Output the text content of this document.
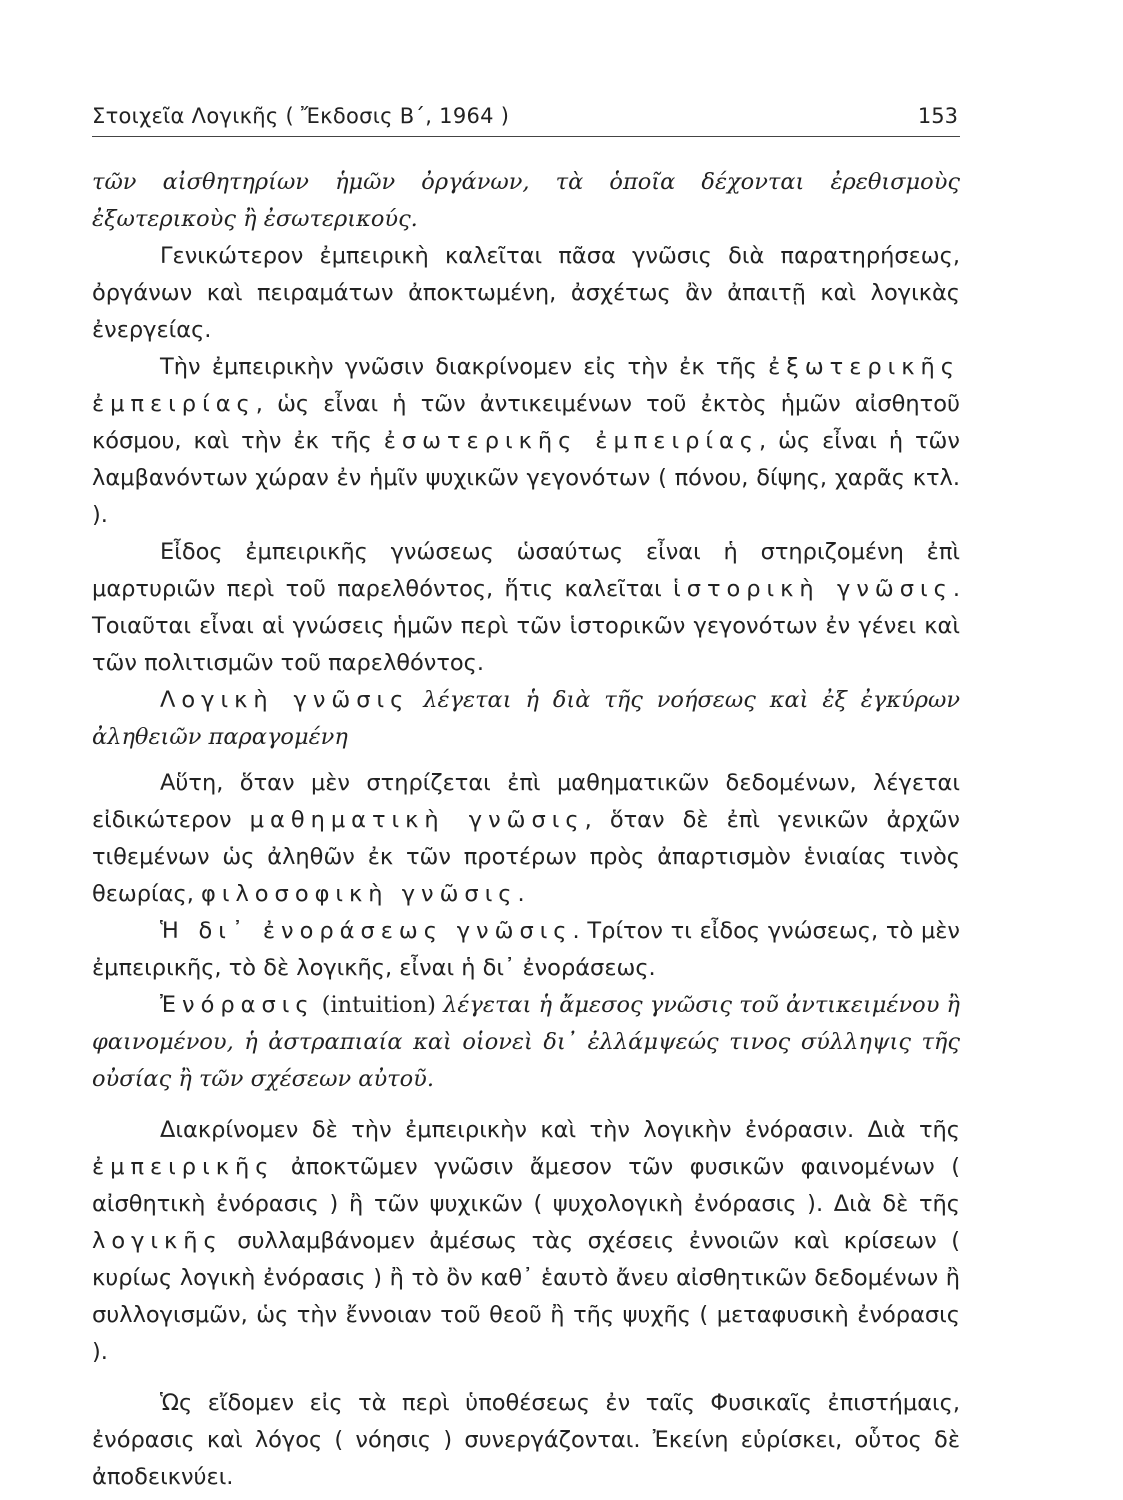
Στοιχεῖα Λογικῆς ( Ἔκδοσις Β΄, 1964 )	153

τῶν αἰσθητηρίων ἡμῶν ὀργάνων, τὰ ὁποῖα δέχονται ἐρεθισμοὺς ἐξωτερικοὺς ἢ ἐσωτερικούς.

Γενικώτερον ἐμπειρικὴ καλεῖται πᾶσα γνῶσις διὰ παρατηρήσεως, ὀργάνων καὶ πειραμάτων ἀποκτωμένη, ἀσχέτως ἂν ἀπαιτῇ καὶ λογικὰς ἐνεργείας.

Τὴν ἐμπειρικὴν γνῶσιν διακρίνομεν εἰς τὴν ἐκ τῆς ἐξωτερικῆς ἐμπειρίας, ὡς εἶναι ἡ τῶν ἀντικειμένων τοῦ ἐκτὸς ἡμῶν αἰσθητοῦ κόσμου, καὶ τὴν ἐκ τῆς ἐσωτερικῆς ἐμπειρίας, ὡς εἶναι ἡ τῶν λαμβανόντων χώραν ἐν ἡμῖν ψυχικῶν γεγονότων ( πόνου, δίψης, χαρᾶς κτλ. ).

Εἶδος ἐμπειρικῆς γνώσεως ὡσαύτως εἶναι ἡ στηριζομένη ἐπὶ μαρτυριῶν περὶ τοῦ παρελθόντος, ἥτις καλεῖται ἱστορικὴ γνῶσις. Τοιαῦται εἶναι αἱ γνώσεις ἡμῶν περὶ τῶν ἱστορικῶν γεγονότων ἐν γένει καὶ τῶν πολιτισμῶν τοῦ παρελθόντος.

Λογικὴ γνῶσις λέγεται ἡ διὰ τῆς νοήσεως καὶ ἐξ ἐγκύρων ἀληθειῶν παραγομένη

Αὕτη, ὅταν μὲν στηρίζεται ἐπὶ μαθηματικῶν δεδομένων, λέγεται εἰδικώτερον μαθηματικὴ γνῶσις, ὅταν δὲ ἐπὶ γενικῶν ἀρχῶν τιθεμένων ὡς ἀληθῶν ἐκ τῶν προτέρων πρὸς ἀπαρτισμὸν ἑνιαίας τινὸς θεωρίας, φιλοσοφικὴ γνῶσις.

Ἡ δι᾿ ἐνοράσεως γνῶσις. Τρίτον τι εἶδος γνώσεως, τὸ μὲν ἐμπειρικῆς, τὸ δὲ λογικῆς, εἶναι ἡ δι᾿ ἐνοράσεως.

Ἐνόρασις (intuition) λέγεται ἡ ἄμεσος γνῶσις τοῦ ἀντικειμένου ἢ φαινομένου, ἡ ἀστραπιαία καὶ οἱονεὶ δι᾿ ἐλλάμψεώς τινος σύλληψις τῆς οὐσίας ἢ τῶν σχέσεων αὐτοῦ.

Διακρίνομεν δὲ τὴν ἐμπειρικὴν καὶ τὴν λογικὴν ἐνόρασιν. Διὰ τῆς ἐμπειρικῆς ἀποκτῶμεν γνῶσιν ἄμεσον τῶν φυσικῶν φαινομένων ( αἰσθητικὴ ἐνόρασις ) ἢ τῶν ψυχικῶν ( ψυχολογικὴ ἐνόρασις ). Διὰ δὲ τῆς λογικῆς συλλαμβάνομεν ἀμέσως τὰς σχέσεις ἐννοιῶν καὶ κρίσεων ( κυρίως λογικὴ ἐνόρασις ) ἢ τὸ ὂν καθ᾿ ἑαυτὸ ἄνευ αἰσθητικῶν δεδομένων ἢ συλλογισμῶν, ὡς τὴν ἔννοιαν τοῦ θεοῦ ἢ τῆς ψυχῆς ( μεταφυσικὴ ἐνόρασις ).

Ὡς εἴδομεν εἰς τὰ περὶ ὑποθέσεως ἐν ταῖς Φυσικαῖς ἐπιστήμαις, ἐνόρασις καὶ λόγος ( νόησις ) συνεργάζονται. Ἐκείνη εὑρίσκει, οὗτος δὲ ἀποδεικνύει.
